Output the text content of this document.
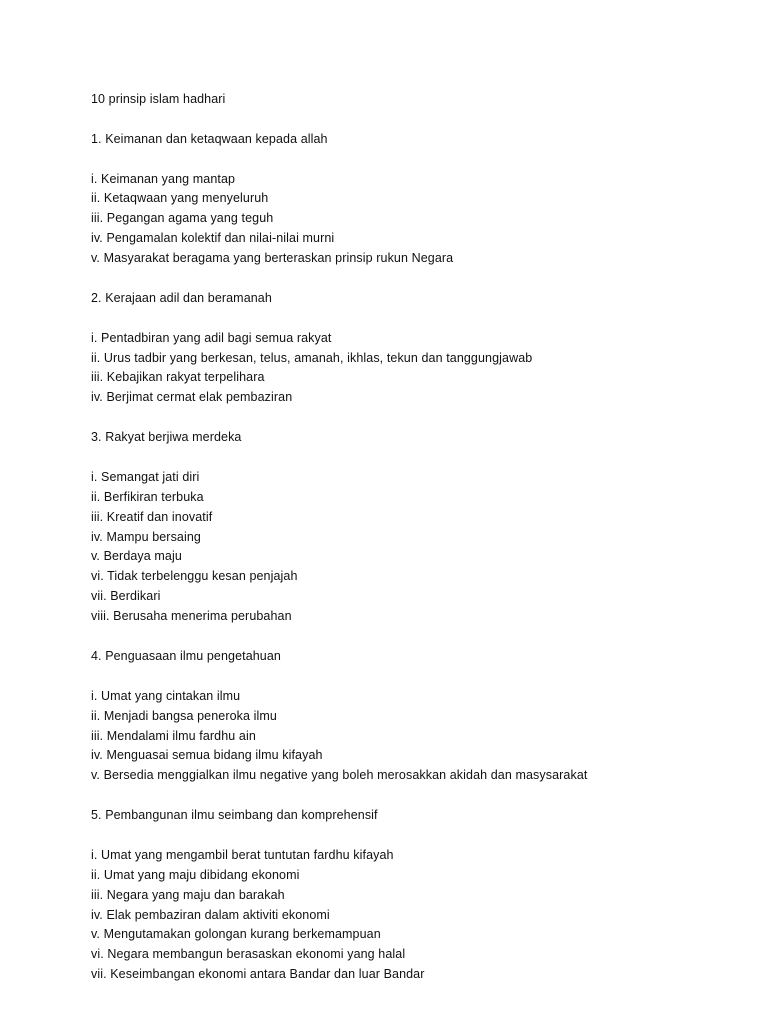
10 prinsip islam hadhari
1. Keimanan dan ketaqwaan kepada allah
i. Keimanan yang mantap
ii. Ketaqwaan yang menyeluruh
iii. Pegangan agama yang teguh
iv. Pengamalan kolektif dan nilai-nilai murni
v. Masyarakat beragama yang berteraskan prinsip rukun Negara
2. Kerajaan adil dan beramanah
i. Pentadbiran yang adil bagi semua rakyat
ii. Urus tadbir yang berkesan, telus, amanah, ikhlas, tekun dan tanggungjawab
iii. Kebajikan rakyat terpelihara
iv. Berjimat cermat elak pembaziran
3. Rakyat berjiwa merdeka
i. Semangat jati diri
ii. Berfikiran terbuka
iii. Kreatif dan inovatif
iv. Mampu bersaing
v. Berdaya maju
vi. Tidak terbelenggu kesan penjajah
vii. Berdikari
viii. Berusaha menerima perubahan
4. Penguasaan ilmu pengetahuan
i. Umat yang cintakan ilmu
ii. Menjadi bangsa peneroka ilmu
iii. Mendalami ilmu fardhu ain
iv. Menguasai semua bidang ilmu kifayah
v. Bersedia menggialkan ilmu negative yang boleh merosakkan akidah dan masysarakat
5. Pembangunan ilmu seimbang dan komprehensif
i. Umat yang mengambil berat tuntutan fardhu kifayah
ii. Umat yang maju dibidang ekonomi
iii. Negara yang maju dan barakah
iv. Elak pembaziran dalam aktiviti ekonomi
v. Mengutamakan golongan kurang berkemampuan
vi. Negara membangun berasaskan ekonomi yang halal
vii. Keseimbangan ekonomi antara Bandar dan luar Bandar
